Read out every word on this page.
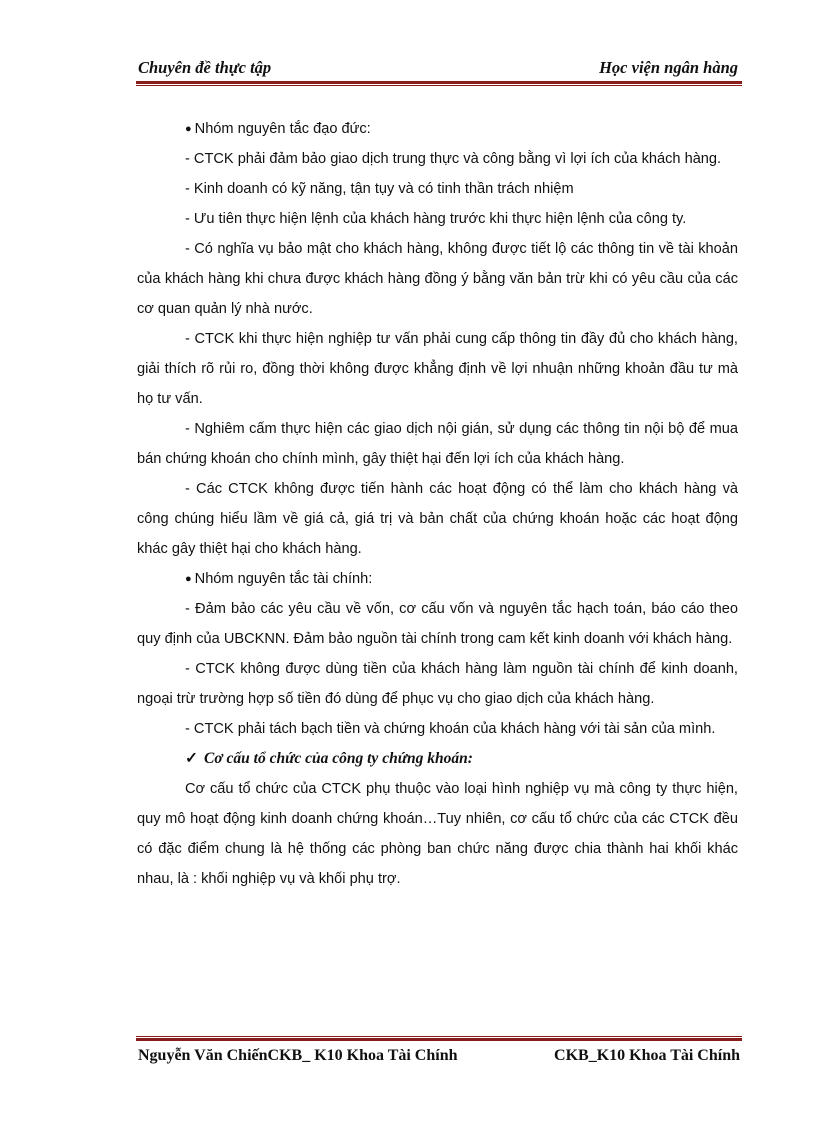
Chuyên đề thực tập	Học viện ngân hàng

● Nhóm nguyên tắc đạo đức:

- CTCK phải đảm bảo giao dịch trung thực và công bằng vì lợi ích của khách hàng.

- Kinh doanh có kỹ năng, tận tụy và có tinh thần trách nhiệm

- Ưu tiên thực hiện lệnh của khách hàng trước khi thực hiện lệnh của công ty.

- Có nghĩa vụ bảo mật cho khách hàng, không được tiết lộ các thông tin về tài khoản của khách hàng khi chưa được khách hàng đồng ý bằng văn bản trừ khi có yêu cầu của các cơ quan quản lý nhà nước.

- CTCK khi thực hiện nghiệp tư vấn phải cung cấp thông tin đầy đủ cho khách hàng, giải thích rõ rủi ro, đồng thời không được khẳng định về lợi nhuận những khoản đầu tư mà họ tư vấn.

- Nghiêm cấm thực hiện các giao dịch nội gián, sử dụng các thông tin nội bộ để mua bán chứng khoán cho chính mình, gây thiệt hại đến lợi ích của khách hàng.

- Các CTCK không được tiến hành các hoạt động có thể làm cho khách hàng và công chúng hiểu lầm về giá cả, giá trị và bản chất của chứng khoán hoặc các hoạt động khác gây thiệt hại cho khách hàng.

● Nhóm nguyên tắc tài chính:

- Đảm bảo các yêu cầu về vốn, cơ cấu vốn và nguyên tắc hạch toán, báo cáo theo quy định của UBCKNN. Đảm bảo nguồn tài chính trong cam kết kinh doanh với khách hàng.

- CTCK không được dùng tiền của khách hàng làm nguồn tài chính để kinh doanh, ngoại trừ trường hợp số tiền đó dùng để phục vụ cho giao dịch của khách hàng.

- CTCK phải tách bạch tiền và chứng khoán của khách hàng với tài sản của mình.

✓ Cơ cấu tổ chức của công ty chứng khoán:

Cơ cấu tổ chức của CTCK phụ thuộc vào loại hình nghiệp vụ mà công ty thực hiện, quy mô hoạt động kinh doanh chứng khoán…Tuy nhiên, cơ cấu tổ chức của các CTCK đều có đặc điểm chung là hệ thống các phòng ban chức năng được chia thành hai khối khác nhau, là : khối nghiệp vụ và khối phụ trợ.

Nguyễn Văn ChiếnCKB_ K10 Khoa Tài Chính	CKB_K10 Khoa Tài Chính
